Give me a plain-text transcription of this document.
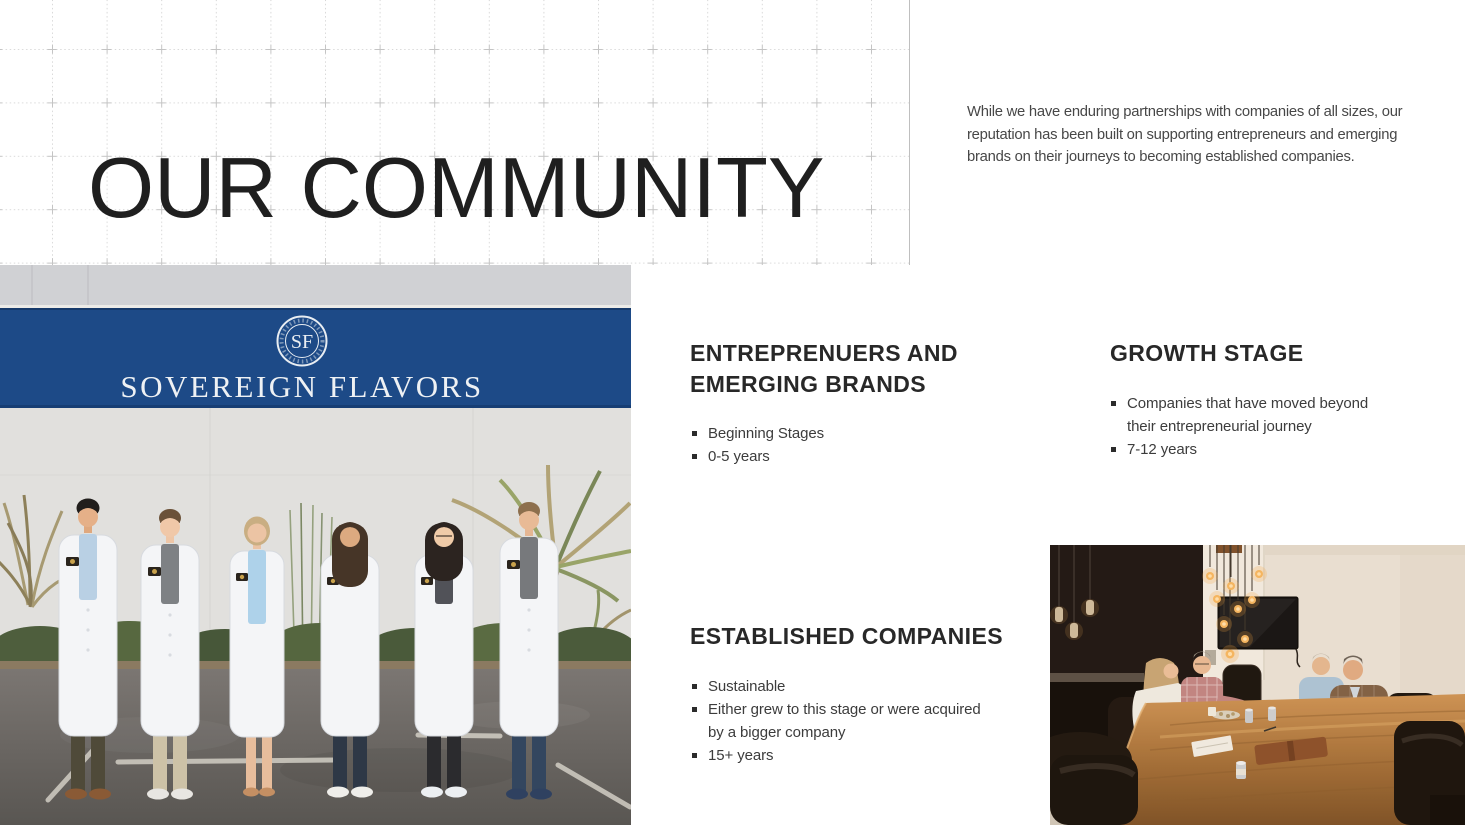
OUR COMMUNITY
While we have enduring partnerships with companies of all sizes, our
reputation has been built on supporting entrepreneurs and emerging
brands on their journeys to becoming established companies.
ENTREPRENUERS AND EMERGING BRANDS
Beginning Stages
0-5 years
GROWTH STAGE
Companies that have moved beyond their entrepreneurial journey
7-12 years
ESTABLISHED COMPANIES
Sustainable
Either grew to this stage or were acquired by a bigger company
15+ years
SF
SOVEREIGN FLAVORS
